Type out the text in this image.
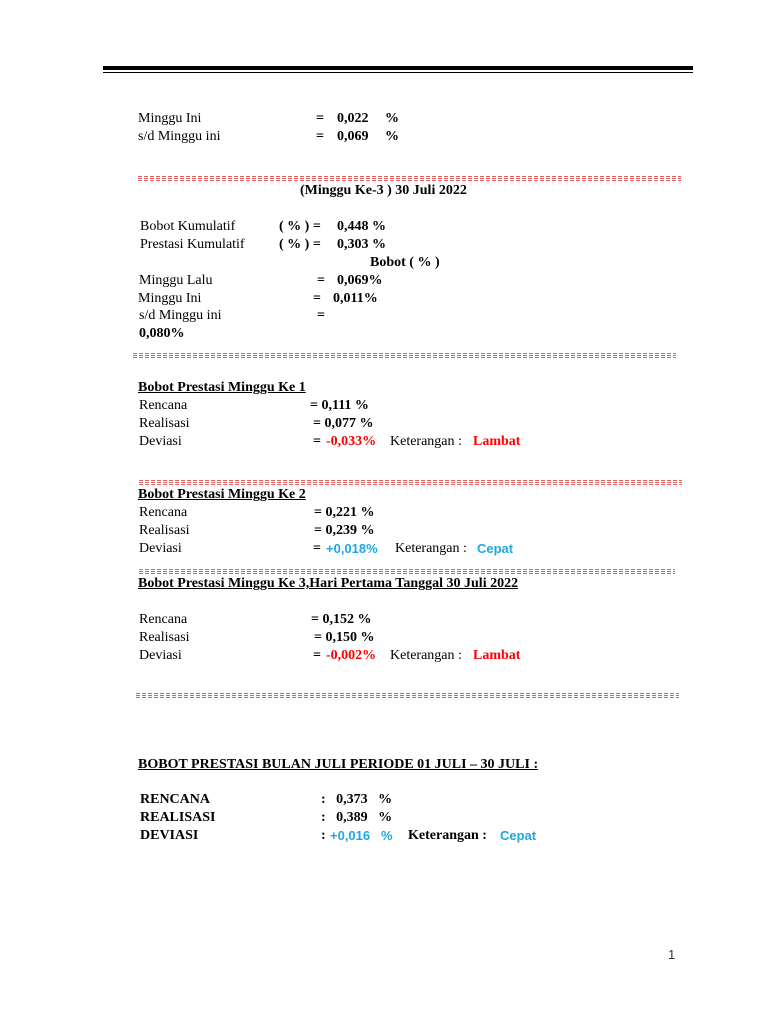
Minggu Ini	= 0,022 %
s/d Minggu ini	= 0,069 %
(Minggu Ke-3 ) 30 Juli 2022
Bobot Kumulatif	( % ) = 0,448 %
Prestasi Kumulatif ( % ) = 0,303 %
Bobot ( % )
Minggu Lalu	= 0,069%
Minggu Ini	= 0,011%
s/d Minggu ini	=
0,080%
Bobot Prestasi Minggu Ke 1
Rencana	= 0,111 %
Realisasi	= 0,077 %
Deviasi	= -0,033% Keterangan : Lambat
Bobot Prestasi Minggu Ke 2
Rencana	= 0,221 %
Realisasi	= 0,239 %
Deviasi	= +0,018% Keterangan : Cepat
Bobot Prestasi Minggu Ke 3,Hari Pertama Tanggal 30 Juli 2022
Rencana	= 0,152 %
Realisasi	= 0,150 %
Deviasi	= -0,002% Keterangan : Lambat
BOBOT PRESTASI BULAN JULI PERIODE 01 JULI – 30 JULI :
RENCANA	:   0,373   %
REALISASI	:   0,389   %
DEVIASI	: +0,016   % Keterangan : Cepat
1
